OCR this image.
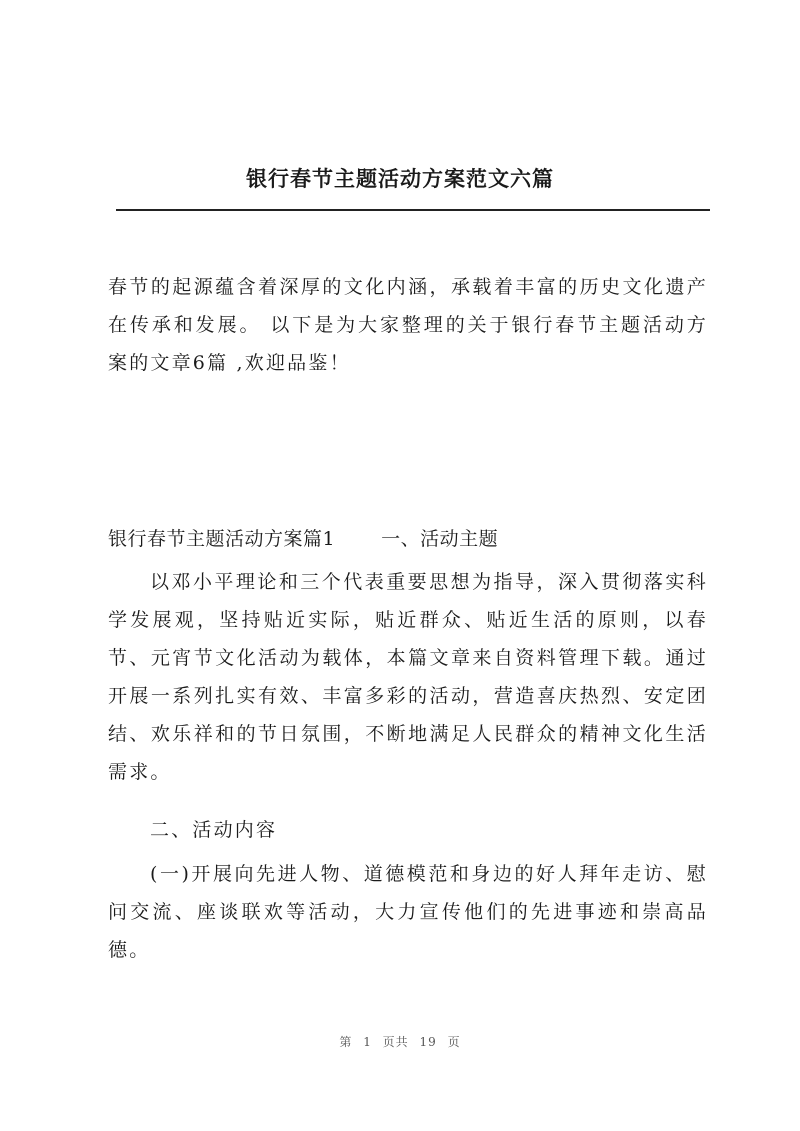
银行春节主题活动方案范文六篇

春节的起源蕴含着深厚的文化内涵，承载着丰富的历史文化遗产在传承和发展。 以下是为大家整理的关于银行春节主题活动方案的文章6篇 ,欢迎品鉴！

银行春节主题活动方案篇1 一、活动主题

以邓小平理论和三个代表重要思想为指导，深入贯彻落实科学发展观，坚持贴近实际，贴近群众、贴近生活的原则，以春节、元宵节文化活动为载体，本篇文章来自资料管理下载。通过开展一系列扎实有效、丰富多彩的活动，营造喜庆热烈、安定团结、欢乐祥和的节日氛围，不断地满足人民群众的精神文化生活需求。

二、活动内容

(一)开展向先进人物、道德模范和身边的好人拜年走访、慰问交流、座谈联欢等活动，大力宣传他们的先进事迹和崇高品德。

第 1 页共 19 页
